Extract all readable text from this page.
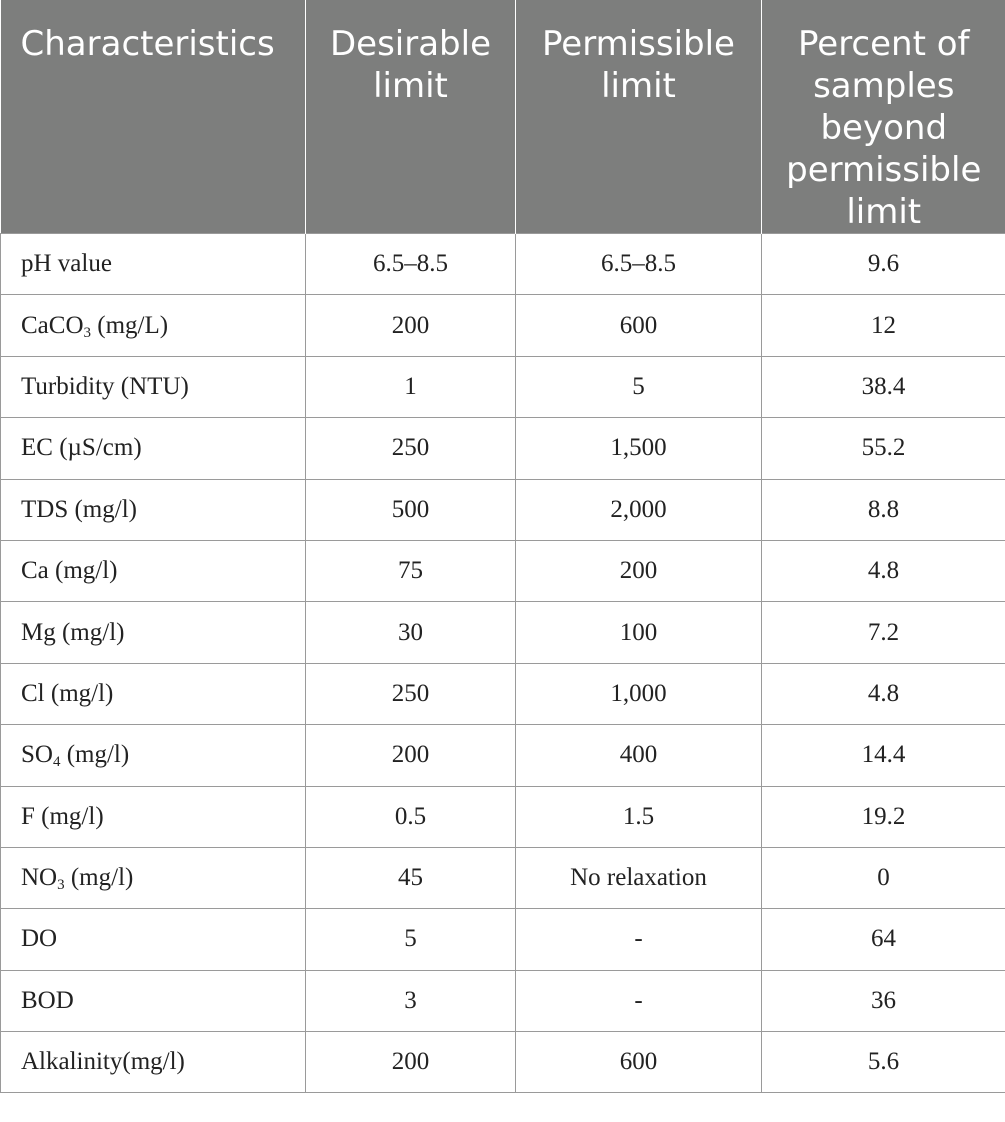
Characteristics	Desirable limit	Permissible limit	Percent of samples beyond permissible limit
pH value	6.5–8.5	6.5–8.5	9.6
CaCO$_3$ (mg/L)	200	600	12
Turbidity (NTU)	1	5	38.4
EC (µS/cm)	250	1,500	55.2
TDS (mg/l)	500	2,000	8.8
Ca (mg/l)	75	200	4.8
Mg (mg/l)	30	100	7.2
Cl (mg/l)	250	1,000	4.8
$SO_4$ (mg/l)	200	400	14.4
F (mg/l)	0.5	1.5	19.2
$NO_3$ (mg/l)	45	No relaxation	0
DO	5	-	64
BOD	3	-	36
Alkalinity(mg/l)	200	600	5.6
